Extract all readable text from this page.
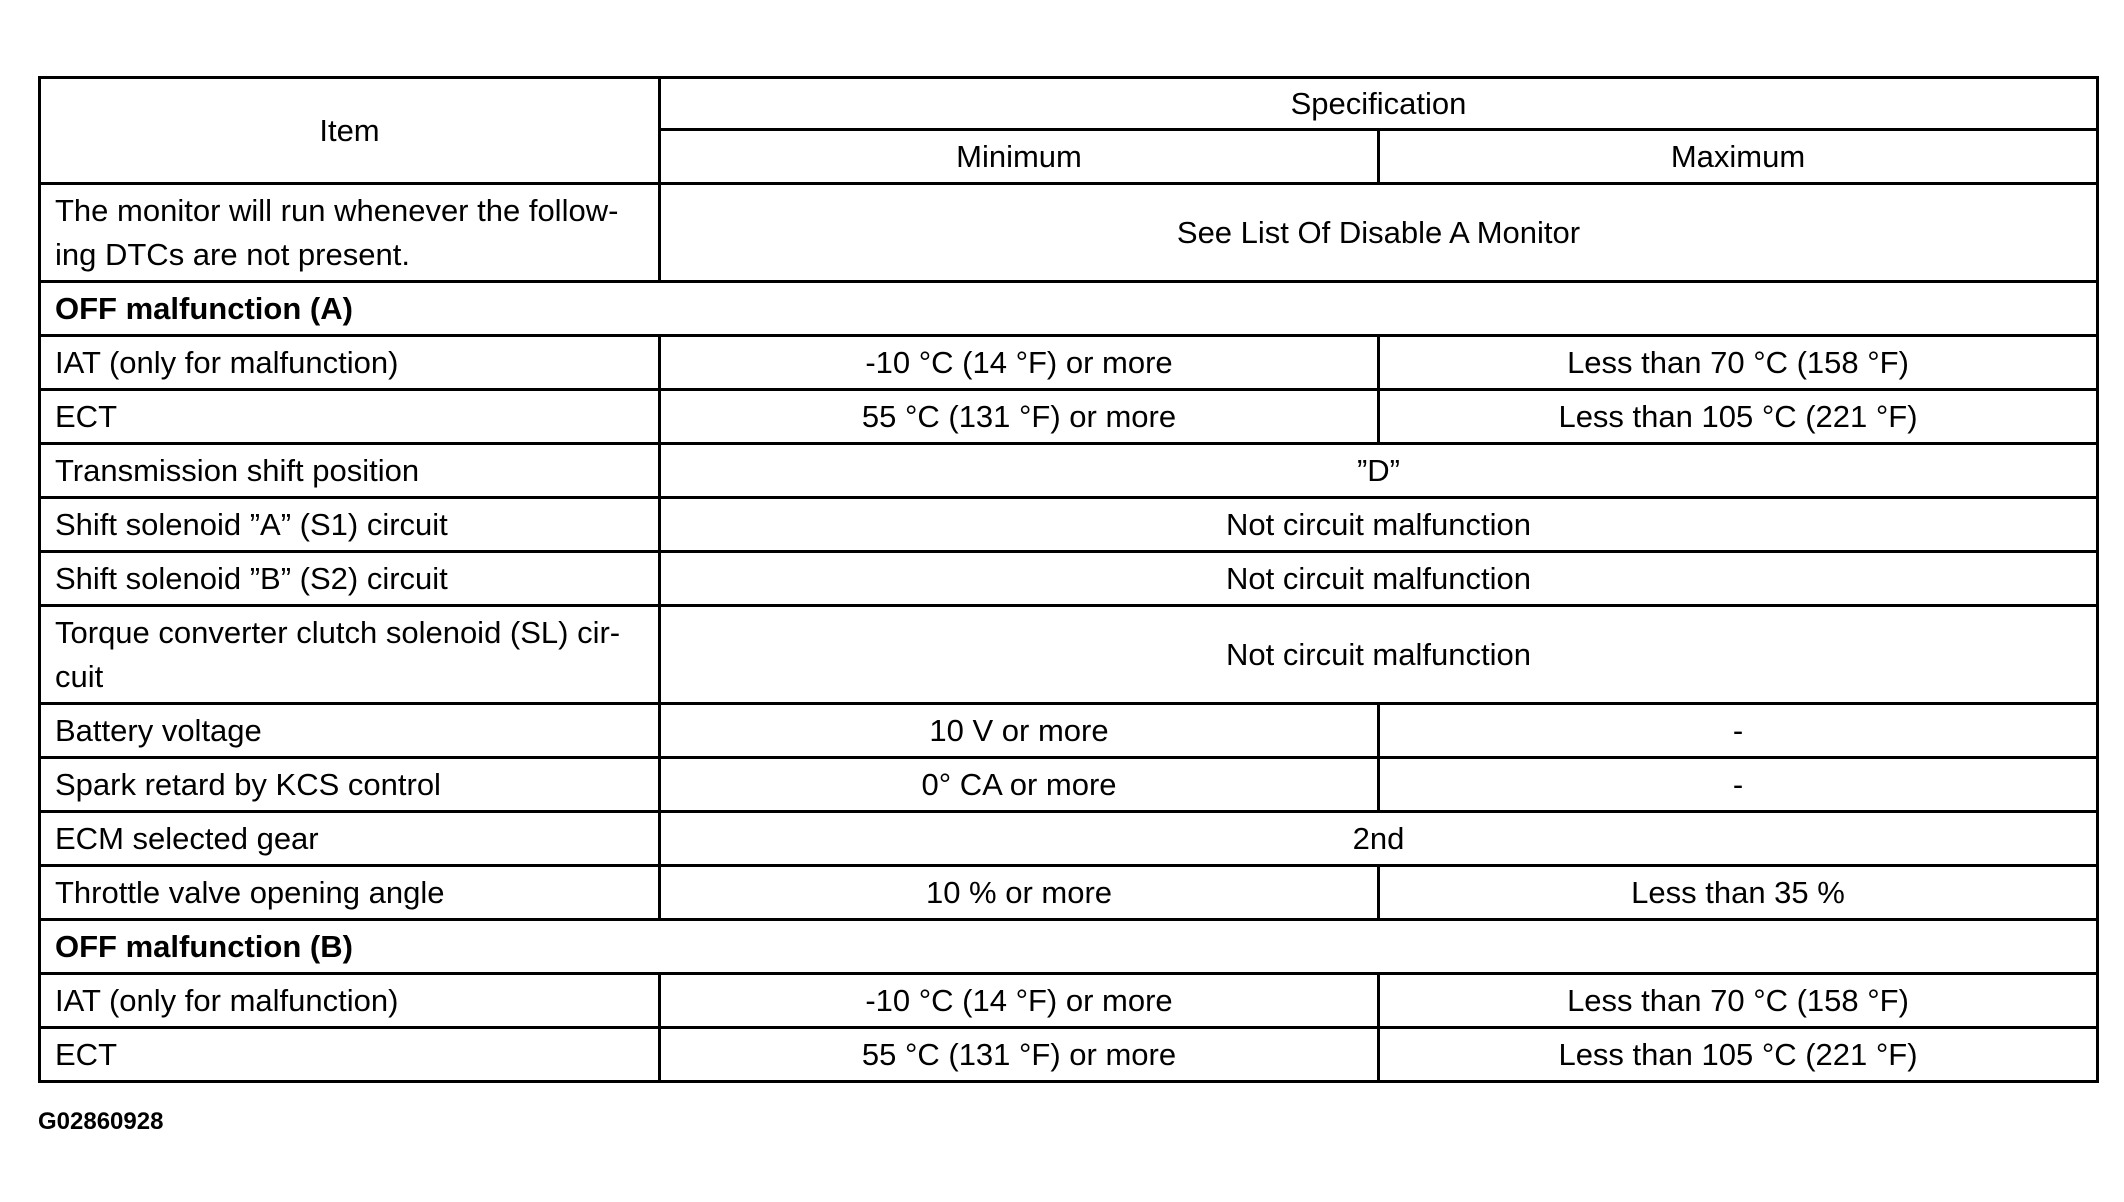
Item	Specification	
	Minimum	Maximum
The monitor will run whenever the follow-ing DTCs are not present.	See List Of Disable A Monitor	
OFF malfunction (A)		
IAT (only for malfunction)	-10 °C (14 °F) or more	Less than 70 °C (158 °F)
ECT	55 °C (131 °F) or more	Less than 105 °C (221 °F)
Transmission shift position	”D”	
Shift solenoid ”A” (S1) circuit	Not circuit malfunction	
Shift solenoid ”B” (S2) circuit	Not circuit malfunction	
Torque converter clutch solenoid (SL) cir-cuit	Not circuit malfunction	
Battery voltage	10 V or more	-
Spark retard by KCS control	0° CA or more	-
ECM selected gear	2nd	
Throttle valve opening angle	10 % or more	Less than 35 %
OFF malfunction (B)		
IAT (only for malfunction)	-10 °C (14 °F) or more	Less than 70 °C (158 °F)
ECT	55 °C (131 °F) or more	Less than 105 °C (221 °F)
G02860928
